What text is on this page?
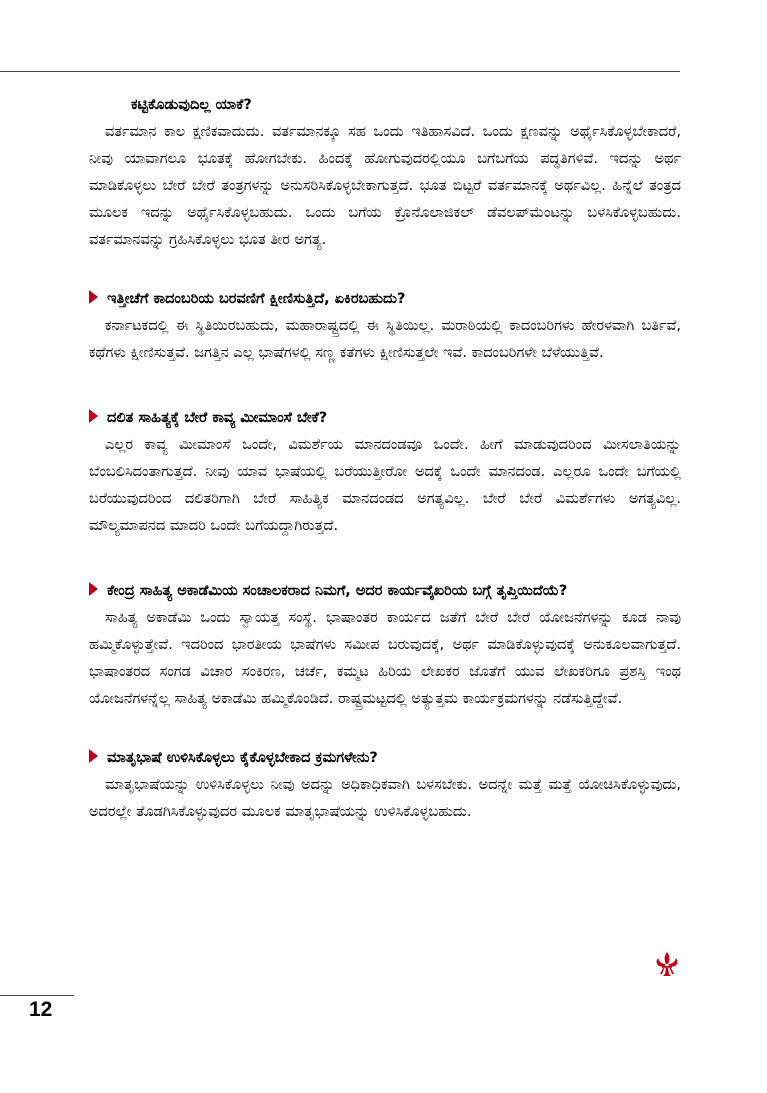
ಕಟ್ಟಿಕೊಡುವುದಿಲ್ಲ ಯಾಕೆ?

ವರ್ತಮಾನ ಕಾಲ ಕ್ಷಣಿಕವಾದುದು. ವರ್ತಮಾನಕ್ಕೂ ಸಹ ಒಂದು ಇತಿಹಾಸವಿದೆ. ಒಂದು ಕ್ಷಣವನ್ನು ಅರ್ಥೈಸಿಕೊಳ್ಳಬೇಕಾದರೆ, ನೀವು ಯಾವಾಗಲೂ ಭೂತಕ್ಕೆ ಹೋಗಬೇಕು. ಹಿಂದಕ್ಕೆ ಹೋಗುವುದರಲ್ಲಿಯೂ ಬಗೆಬಗೆಯ ಪದ್ಧತಿಗಳಿವೆ. ಇದನ್ನು ಅರ್ಥ ಮಾಡಿಕೊಳ್ಳಲು ಬೇರೆ ಬೇರೆ ತಂತ್ರಗಳನ್ನು ಅನುಸರಿಸಿಕೊಳ್ಳಬೇಕಾಗುತ್ತದೆ. ಭೂತ ಬಿಟ್ಟರೆ ವರ್ತಮಾನಕ್ಕೆ ಅರ್ಥವಿಲ್ಲ. ಹಿನ್ನೆಲೆ ತಂತ್ರದ ಮೂಲಕ ಇದನ್ನು ಅರ್ಥೈಸಿಕೊಳ್ಳಬಹುದು. ಒಂದು ಬಗೆಯ ಕ್ರೊನೊಲಾಜಿಕಲ್ ಡೆವಲಪ್‌ಮೆಂಟನ್ನು ಬಳಸಿಕೊಳ್ಳಬಹುದು. ವರ್ತಮಾನವನ್ನು ಗ್ರಹಿಸಿಕೊಳ್ಳಲು ಭೂತ ತೀರ ಅಗತ್ಯ.

ಇತ್ತೀಚೆಗೆ ಕಾದಂಬರಿಯ ಬರವಣಿಗೆ ಕ್ಷೀಣಿಸುತ್ತಿದೆ, ಏಕಿರಬಹುದು?

ಕರ್ನಾಟಕದಲ್ಲಿ ಈ ಸ್ಥಿತಿಯಿರಬಹುದು, ಮಹಾರಾಷ್ಟ್ರದಲ್ಲಿ ಈ ಸ್ಥಿತಿಯಿಲ್ಲ. ಮರಾಠಿಯಲ್ಲಿ ಕಾದಂಬರಿಗಳು ಹೇರಳವಾಗಿ ಬರ್ತಿವೆ, ಕಥೆಗಳು ಕ್ಷೀಣಿಸುತ್ತವೆ. ಜಗತ್ತಿನ ಎಲ್ಲ ಭಾಷೆಗಳಲ್ಲಿ ಸಣ್ಣ ಕತೆಗಳು ಕ್ಷೀಣಿಸುತ್ತಲೇ ಇವೆ. ಕಾದಂಬರಿಗಳೇ ಬೆಳೆಯುತ್ತಿವೆ.

ದಲಿತ ಸಾಹಿತ್ಯಕ್ಕೆ ಬೇರೆ ಕಾವ್ಯ ಮೀಮಾಂಸೆ ಬೇಕೆ?

ಎಲ್ಲರ ಕಾವ್ಯ ಮೀಮಾಂಸೆ ಒಂದೇ, ವಿಮರ್ಶೆಯ ಮಾನದಂಡವೂ ಒಂದೇ. ಹೀಗೆ ಮಾಡುವುದರಿಂದ ಮೀಸಲಾತಿಯನ್ನು ಬೆಂಬಲಿಸಿದಂತಾಗುತ್ತದೆ. ನೀವು ಯಾವ ಭಾಷೆಯಲ್ಲಿ ಬರೆಯುತ್ತೀರೋ ಅದಕ್ಕೆ ಒಂದೇ ಮಾನದಂಡ. ಎಲ್ಲರೂ ಒಂದೇ ಬಗೆಯಲ್ಲಿ ಬರೆಯುವುದರಿಂದ ದಲಿತರಿಗಾಗಿ ಬೇರೆ ಸಾಹಿತ್ಯಿಕ ಮಾನದಂಡದ ಅಗತ್ಯವಿಲ್ಲ. ಬೇರೆ ಬೇರೆ ವಿಮರ್ಶೆಗಳು ಅಗತ್ಯವಿಲ್ಲ. ಮೌಲ್ಯಮಾಪನದ ಮಾದರಿ ಒಂದೇ ಬಗೆಯದ್ದಾಗಿರುತ್ತದೆ.

ಕೇಂದ್ರ ಸಾಹಿತ್ಯ ಅಕಾಡೆಮಿಯ ಸಂಚಾಲಕರಾದ ನಿಮಗೆ, ಅದರ ಕಾರ್ಯವೈಖರಿಯ ಬಗ್ಗೆ ತೃಪ್ತಿಯಿದೆಯೆ?

ಸಾಹಿತ್ಯ ಅಕಾಡೆಮಿ ಒಂದು ಸ್ವಾಯತ್ತ ಸಂಸ್ಥೆ. ಭಾಷಾಂತರ ಕಾರ್ಯದ ಜತೆಗೆ ಬೇರೆ ಬೇರೆ ಯೋಜನೆಗಳನ್ನು ಕೂಡ ನಾವು ಹಮ್ಮಿಕೊಳ್ಳುತ್ತೇವೆ. ಇದರಿಂದ ಭಾರತೀಯ ಭಾಷೆಗಳು ಸಮೀಪ ಬರುವುದಕ್ಕೆ, ಅರ್ಥ ಮಾಡಿಕೊಳ್ಳುವುದಕ್ಕೆ ಅನುಕೂಲವಾಗುತ್ತದೆ. ಭಾಷಾಂತರದ ಸಂಗಡ ವಿಚಾರ ಸಂಕಿರಣ, ಚರ್ಚೆ, ಕಮ್ಮಟ ಹಿರಿಯ ಲೇಖಕರ ಜೊತೆಗೆ ಯುವ ಲೇಖಕರಿಗೂ ಪ್ರಶಸ್ತಿ ಇಂಥ ಯೋಜನೆಗಳನ್ನೆಲ್ಲ ಸಾಹಿತ್ಯ ಅಕಾಡೆಮಿ ಹಮ್ಮಿಕೊಂಡಿದೆ. ರಾಷ್ಟ್ರಮಟ್ಟದಲ್ಲಿ ಅತ್ಯುತ್ತಮ ಕಾರ್ಯಕ್ರಮಗಳನ್ನು ನಡೆಸುತ್ತಿದ್ದೇವೆ.

ಮಾತೃಭಾಷೆ ಉಳಿಸಿಕೊಳ್ಳಲು ಕೈಕೊಳ್ಳಬೇಕಾದ ಕ್ರಮಗಳೇನು?

ಮಾತೃಭಾಷೆಯನ್ನು ಉಳಿಸಿಕೊಳ್ಳಲು ನೀವು ಅದನ್ನು ಅಧಿಕಾಧಿಕವಾಗಿ ಬಳಸಬೇಕು. ಅದನ್ನೇ ಮತ್ತೆ ಮತ್ತೆ ಯೋಚಿಸಿಕೊಳ್ಳುವುದು, ಅದರಲ್ಲೇ ತೊಡಗಿಸಿಕೊಳ್ಳುವುದರ ಮೂಲಕ ಮಾತೃಭಾಷೆಯನ್ನು ಉಳಿಸಿಕೊಳ್ಳಬಹುದು.

12
